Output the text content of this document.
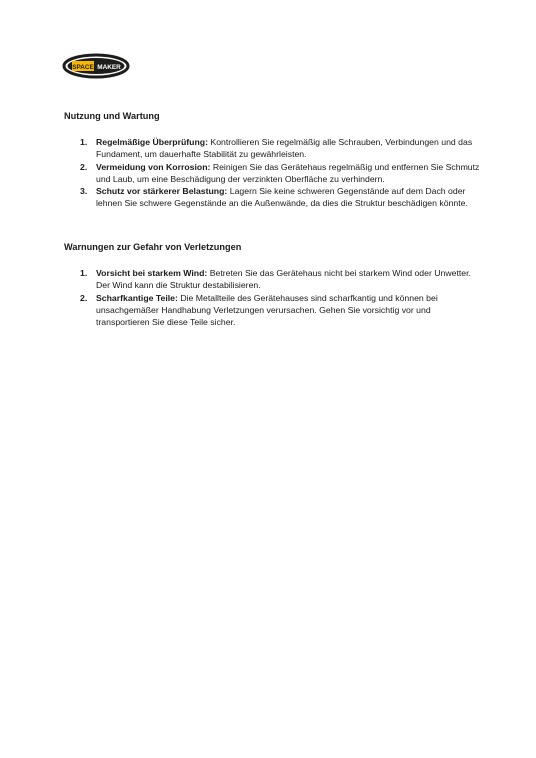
SPACE MAKER

Nutzung und Wartung

1. Regelmäßige Überprüfung: Kontrollieren Sie regelmäßig alle Schrauben, Verbindungen und das Fundament, um dauerhafte Stabilität zu gewährleisten.
2. Vermeidung von Korrosion: Reinigen Sie das Gerätehaus regelmäßig und entfernen Sie Schmutz und Laub, um eine Beschädigung der verzinkten Oberfläche zu verhindern.
3. Schutz vor stärkerer Belastung: Lagern Sie keine schweren Gegenstände auf dem Dach oder lehnen Sie schwere Gegenstände an die Außenwände, da dies die Struktur beschädigen könnte.

Warnungen zur Gefahr von Verletzungen

1. Vorsicht bei starkem Wind: Betreten Sie das Gerätehaus nicht bei starkem Wind oder Unwetter. Der Wind kann die Struktur destabilisieren.
2. Scharfkantige Teile: Die Metallteile des Gerätehauses sind scharfkantig und können bei unsachgemäßer Handhabung Verletzungen verursachen. Gehen Sie vorsichtig vor und transportieren Sie diese Teile sicher.
